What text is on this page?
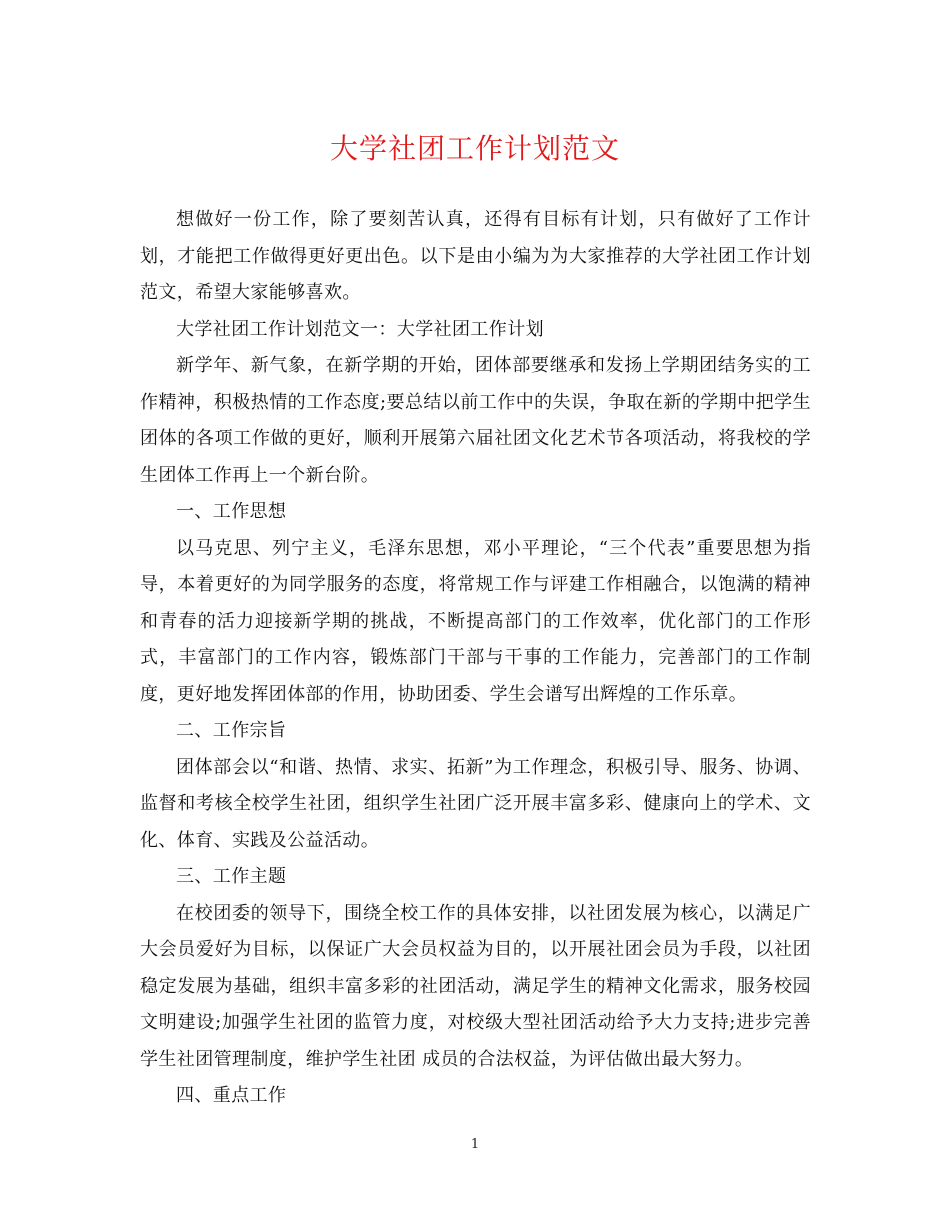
大学社团工作计划范文

想做好一份工作，除了要刻苦认真，还得有目标有计划，只有做好了工作计划，才能把工作做得更好更出色。以下是由小编为为大家推荐的大学社团工作计划范文，希望大家能够喜欢。

大学社团工作计划范文一：大学社团工作计划

新学年、新气象，在新学期的开始，团体部要继承和发扬上学期团结务实的工作精神，积极热情的工作态度;要总结以前工作中的失误，争取在新的学期中把学生团体的各项工作做的更好，顺利开展第六届社团文化艺术节各项活动，将我校的学生团体工作再上一个新台阶。

一、工作思想

以马克思、列宁主义，毛泽东思想，邓小平理论，“三个代表”重要思想为指导，本着更好的为同学服务的态度，将常规工作与评建工作相融合，以饱满的精神和青春的活力迎接新学期的挑战，不断提高部门的工作效率，优化部门的工作形式，丰富部门的工作内容，锻炼部门干部与干事的工作能力，完善部门的工作制度，更好地发挥团体部的作用，协助团委、学生会谱写出辉煌的工作乐章。

二、工作宗旨

团体部会以“和谐、热情、求实、拓新”为工作理念，积极引导、服务、协调、监督和考核全校学生社团，组织学生社团广泛开展丰富多彩、健康向上的学术、文化、体育、实践及公益活动。

三、工作主题

在校团委的领导下，围绕全校工作的具体安排，以社团发展为核心，以满足广大会员爱好为目标，以保证广大会员权益为目的，以开展社团会员为手段，以社团稳定发展为基础，组织丰富多彩的社团活动，满足学生的精神文化需求，服务校园文明建设;加强学生社团的监管力度，对校级大型社团活动给予大力支持;进步完善学生社团管理制度，维护学生社团 成员的合法权益，为评估做出最大努力。

四、重点工作

1
